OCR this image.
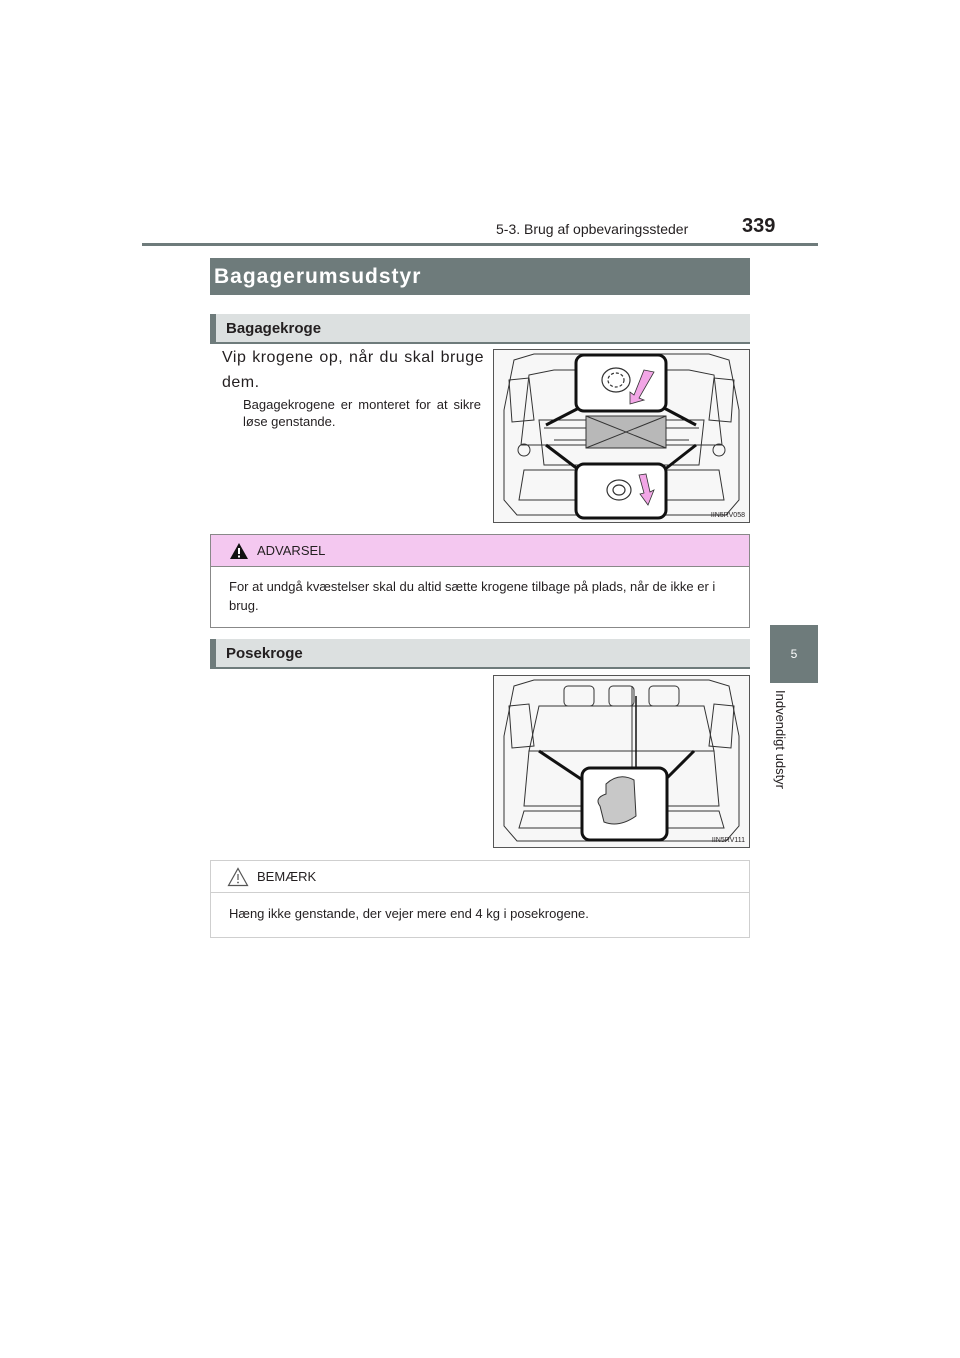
5-3. Brug af opbevaringssteder	339
5
Indvendigt udstyr
Bagagerumsudstyr
Bagagekroge
Vip krogene op, når du skal bruge dem.
Bagagekrogene er monteret for at sikre løse genstande.
IIN5RV058
ADVARSEL
For at undgå kvæstelser skal du altid sætte krogene tilbage på plads, når de ikke er i brug.
Posekroge
IIN5RV111
BEMÆRK
Hæng ikke genstande, der vejer mere end 4 kg i posekrogene.
